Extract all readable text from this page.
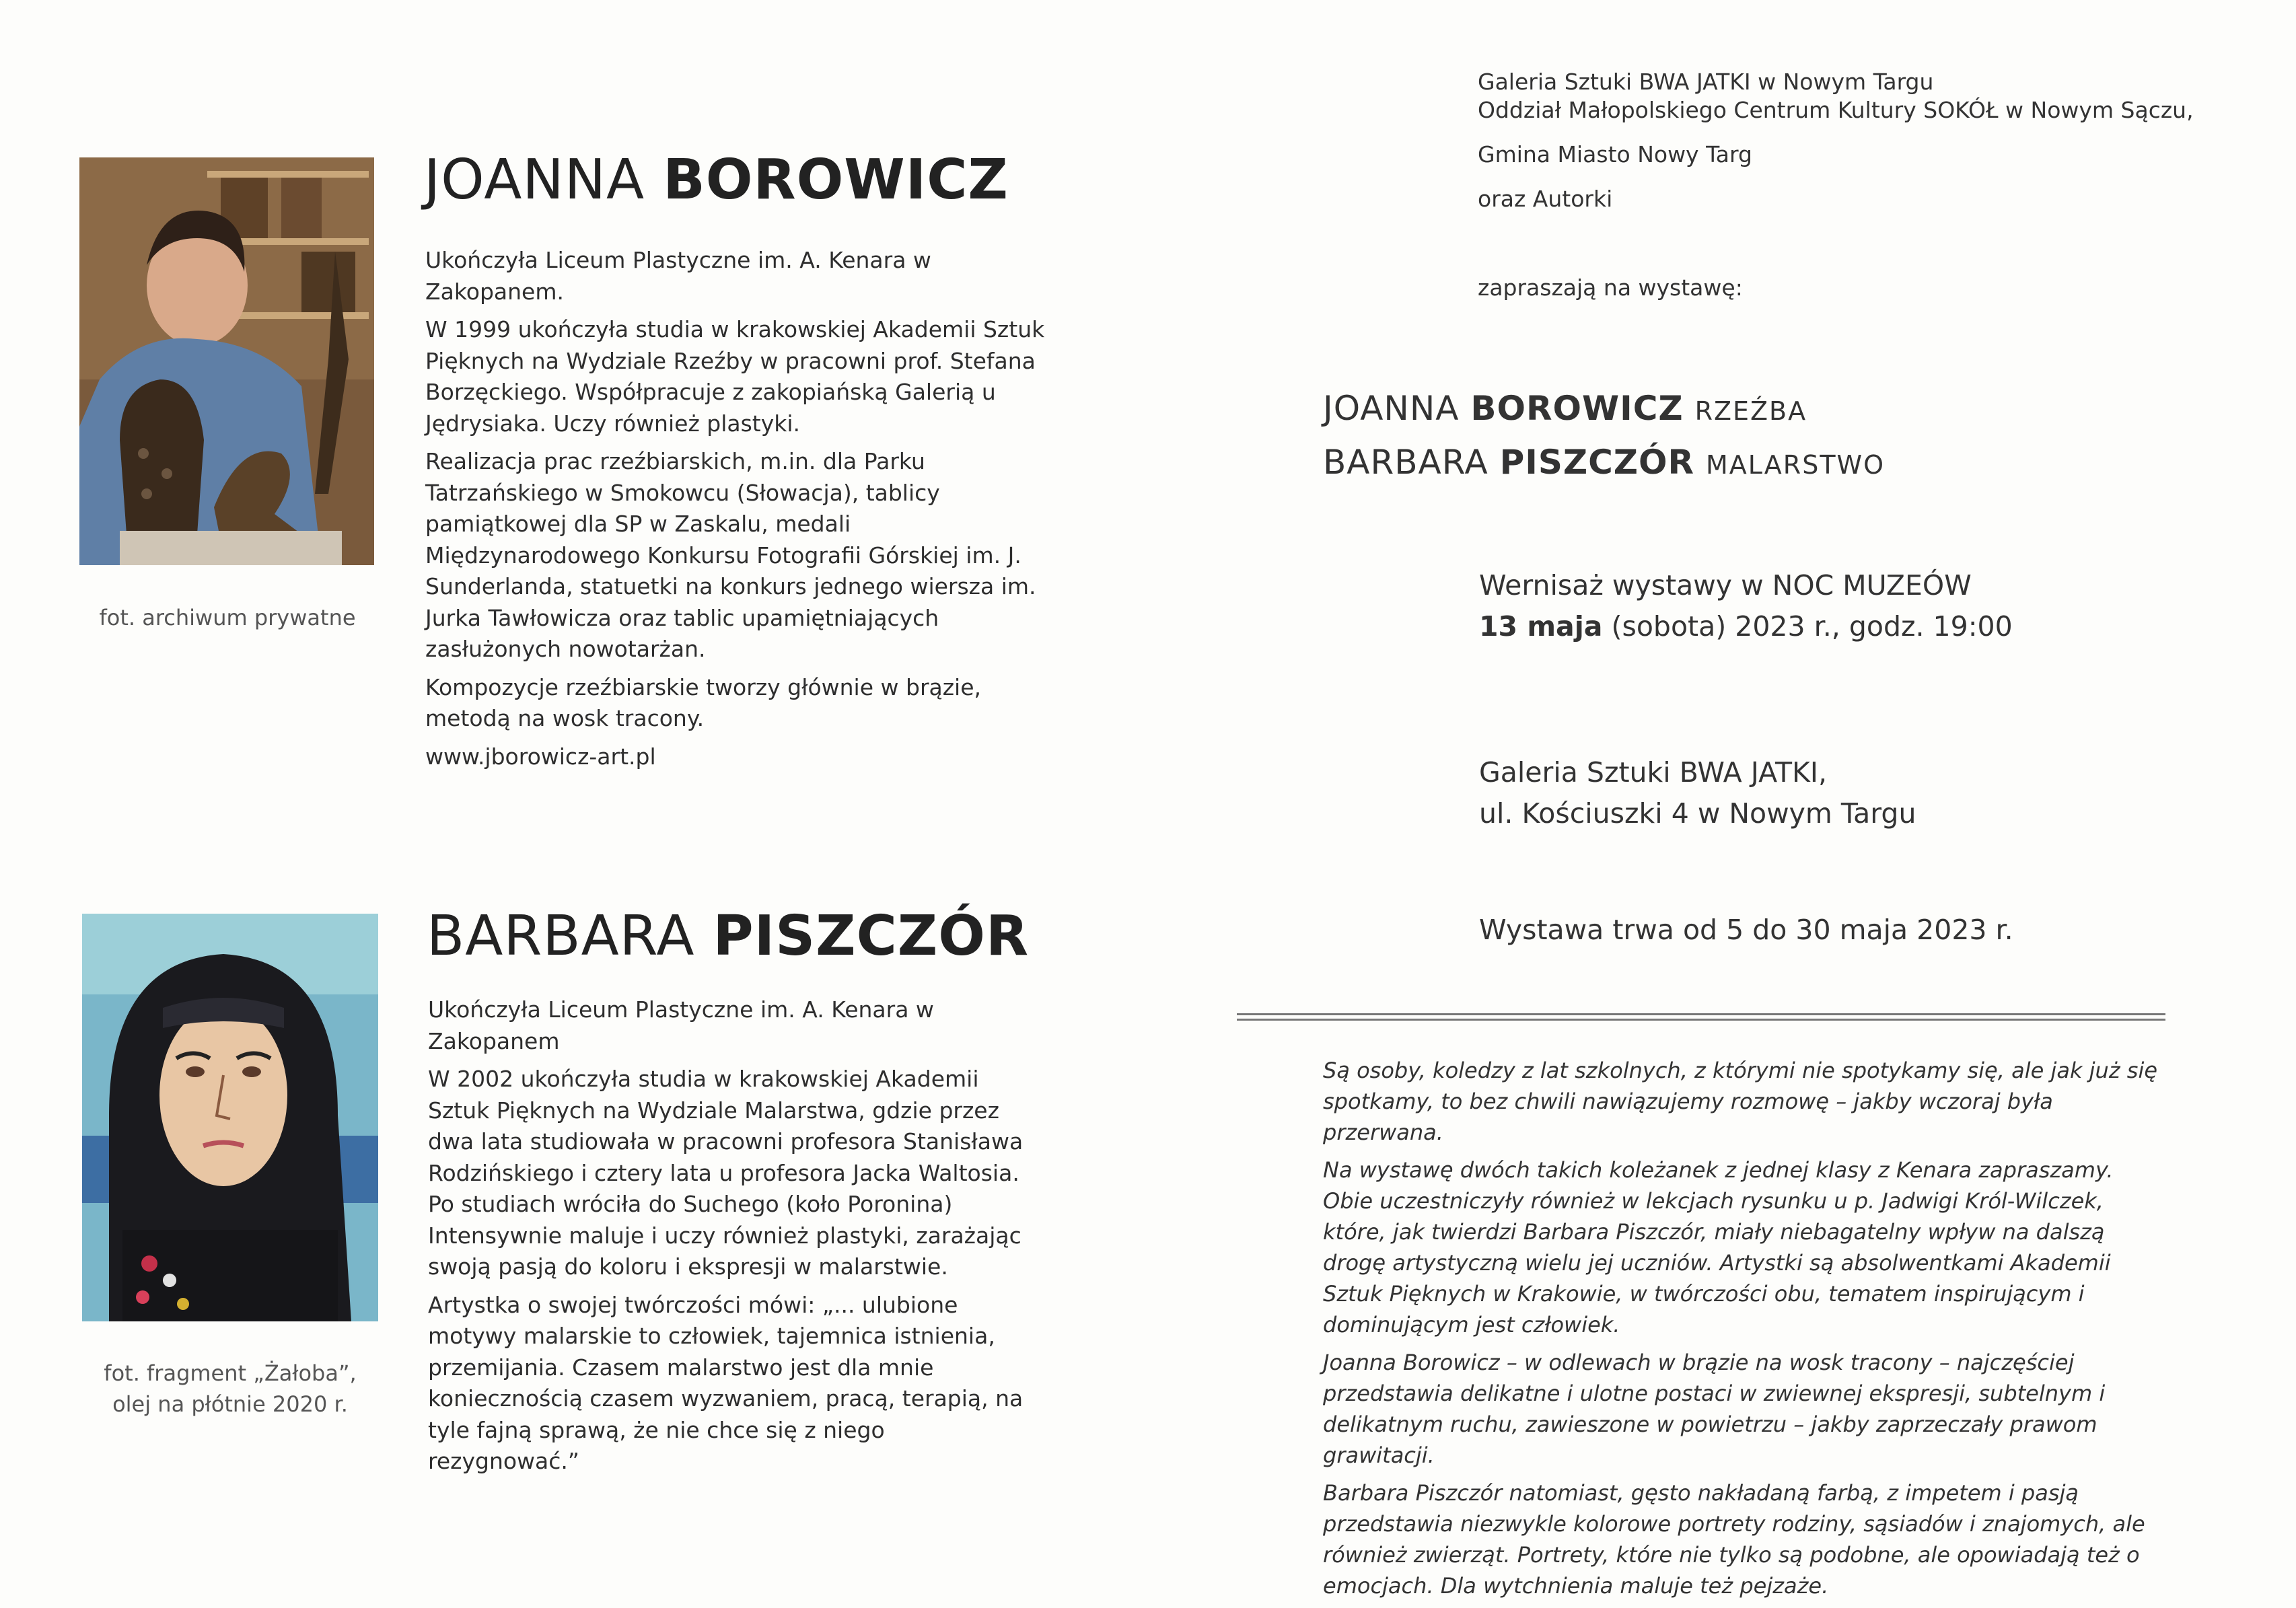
fot. archiwum prywatne
JOANNA BOROWICZ

Ukończyła Liceum Plastyczne im. A. Kenara w Zakopanem.

W 1999 ukończyła studia w krakowskiej Akademii Sztuk Pięknych na Wydziale Rzeźby w pracowni prof. Stefana Borzęckiego. Współpracuje z zakopiańską Galerią u Jędrysiaka. Uczy również plastyki.

Realizacja prac rzeźbiarskich, m.in. dla Parku Tatrzańskiego w Smokowcu (Słowacja), tablicy pamiątkowej dla SP w Zaskalu, medali Międzynarodowego Konkursu Fotografii Górskiej im. J. Sunderlanda, statuetki na konkurs jednego wiersza im. Jurka Tawłowicza oraz tablic upamiętniających zasłużonych nowotarżan.

Kompozycje rzeźbiarskie tworzy głównie w brązie, metodą na wosk tracony.

www.jborowicz-art.pl

fot. fragment „Żałoba”,
olej na płótnie 2020 r.
BARBARA PISZCZÓR

Ukończyła Liceum Plastyczne im. A. Kenara w Zakopanem

W 2002 ukończyła studia w krakowskiej Akademii Sztuk Pięknych na Wydziale Malarstwa, gdzie przez dwa lata studiowała w pracowni profesora Stanisława Rodzińskiego i cztery lata u profesora Jacka Waltosia. Po studiach wróciła do Suchego (koło Poronina) Intensywnie maluje i uczy również plastyki, zarażając swoją pasją do koloru i ekspresji w malarstwie.

Artystka o swojej twórczości mówi: „... ulubione motywy malarskie to człowiek, tajemnica istnienia, przemijania. Czasem malarstwo jest dla mnie koniecznością czasem wyzwaniem, pracą, terapią, na tyle fajną sprawą, że nie chce się z niego rezygnować.”

Galeria Sztuki BWA JATKI w Nowym Targu
Oddział Małopolskiego Centrum Kultury SOKÓŁ w Nowym Sączu,
Gmina Miasto Nowy Targ
oraz Autorki
zapraszają na wystawę:
JOANNA BOROWICZ RZEŹBA
BARBARA PISZCZÓR MALARSTWO
Wernisaż wystawy w NOC MUZEÓW
13 maja (sobota) 2023 r., godz. 19:00
Galeria Sztuki BWA JATKI,
ul. Kościuszki 4 w Nowym Targu
Wystawa trwa od 5 do 30 maja 2023 r.

Są osoby, koledzy z lat szkolnych, z którymi nie spotykamy się, ale jak już się spotkamy, to bez chwili nawiązujemy rozmowę – jakby wczoraj była przerwana.

Na wystawę dwóch takich koleżanek z jednej klasy z Kenara zapraszamy. Obie uczestniczyły również w lekcjach rysunku u p. Jadwigi Król-Wilczek, które, jak twierdzi Barbara Piszczór, miały niebagatelny wpływ na dalszą drogę artystyczną wielu jej uczniów. Artystki są absolwentkami Akademii Sztuk Pięknych w Krakowie, w twórczości obu, tematem inspirującym i dominującym jest człowiek.

Joanna Borowicz – w odlewach w brązie na wosk tracony – najczęściej przedstawia delikatne i ulotne postaci w zwiewnej ekspresji, subtelnym i delikatnym ruchu, zawieszone w powietrzu – jakby zaprzeczały prawom grawitacji.

Barbara Piszczór natomiast, gęsto nakładaną farbą, z impetem i pasją przedstawia niezwykle kolorowe portrety rodziny, sąsiadów i znajomych, ale również zwierząt. Portrety, które nie tylko są podobne, ale opowiadają też o emocjach. Dla wytchnienia maluje też pejzaże.
